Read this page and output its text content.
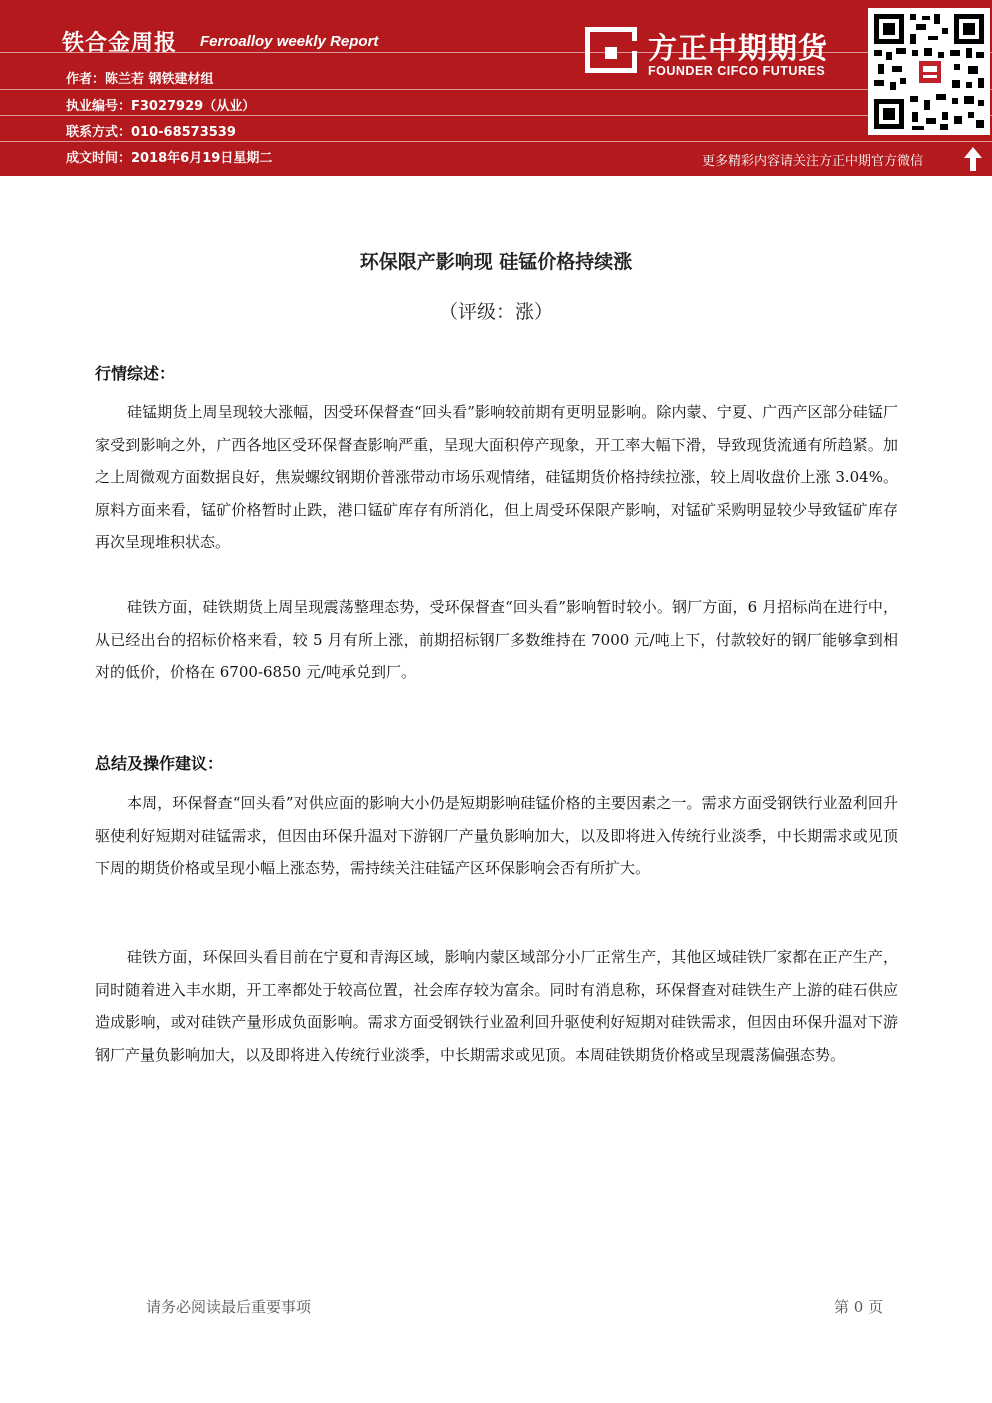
铁合金周报 Ferroalloy weekly Report
作者：陈兰若 钢铁建材组
执业编号：F3027929（从业）
联系方式：010-68573539
成文时间：2018年6月19日星期二
方正中期期货
FOUNDER CIFCO FUTURES
更多精彩内容请关注方正中期官方微信
环保限产影响现 硅锰价格持续涨
（评级：涨）
行情综述：

硅锰期货上周呈现较大涨幅，因受环保督查“回头看”影响较前期有更明显影响。除内蒙、宁夏、广西产区部分硅锰厂家受到影响之外，广西各地区受环保督查影响严重，呈现大面积停产现象，开工率大幅下滑，导致现货流通有所趋紧。加之上周微观方面数据良好，焦炭螺纹钢期价普涨带动市场乐观情绪，硅锰期货价格持续拉涨，较上周收盘价上涨 3.04%。原料方面来看，锰矿价格暂时止跌，港口锰矿库存有所消化，但上周受环保限产影响，对锰矿采购明显较少导致锰矿库存再次呈现堆积状态。

硅铁方面，硅铁期货上周呈现震荡整理态势，受环保督查“回头看”影响暂时较小。钢厂方面，6 月招标尚在进行中，从已经出台的招标价格来看，较 5 月有所上涨，前期招标钢厂多数维持在 7000 元/吨上下，付款较好的钢厂能够拿到相对的低价，价格在 6700-6850 元/吨承兑到厂。

总结及操作建议：

本周，环保督查“回头看”对供应面的影响大小仍是短期影响硅锰价格的主要因素之一。需求方面受钢铁行业盈利回升驱使利好短期对硅锰需求，但因由环保升温对下游钢厂产量负影响加大，以及即将进入传统行业淡季，中长期需求或见顶下周的期货价格或呈现小幅上涨态势，需持续关注硅锰产区环保影响会否有所扩大。

硅铁方面，环保回头看目前在宁夏和青海区域，影响内蒙区域部分小厂正常生产，其他区域硅铁厂家都在正产生产，同时随着进入丰水期，开工率都处于较高位置，社会库存较为富余。同时有消息称，环保督查对硅铁生产上游的硅石供应造成影响，或对硅铁产量形成负面影响。需求方面受钢铁行业盈利回升驱使利好短期对硅铁需求，但因由环保升温对下游钢厂产量负影响加大，以及即将进入传统行业淡季，中长期需求或见顶。本周硅铁期货价格或呈现震荡偏强态势。

请务必阅读最后重要事项	第 0 页
